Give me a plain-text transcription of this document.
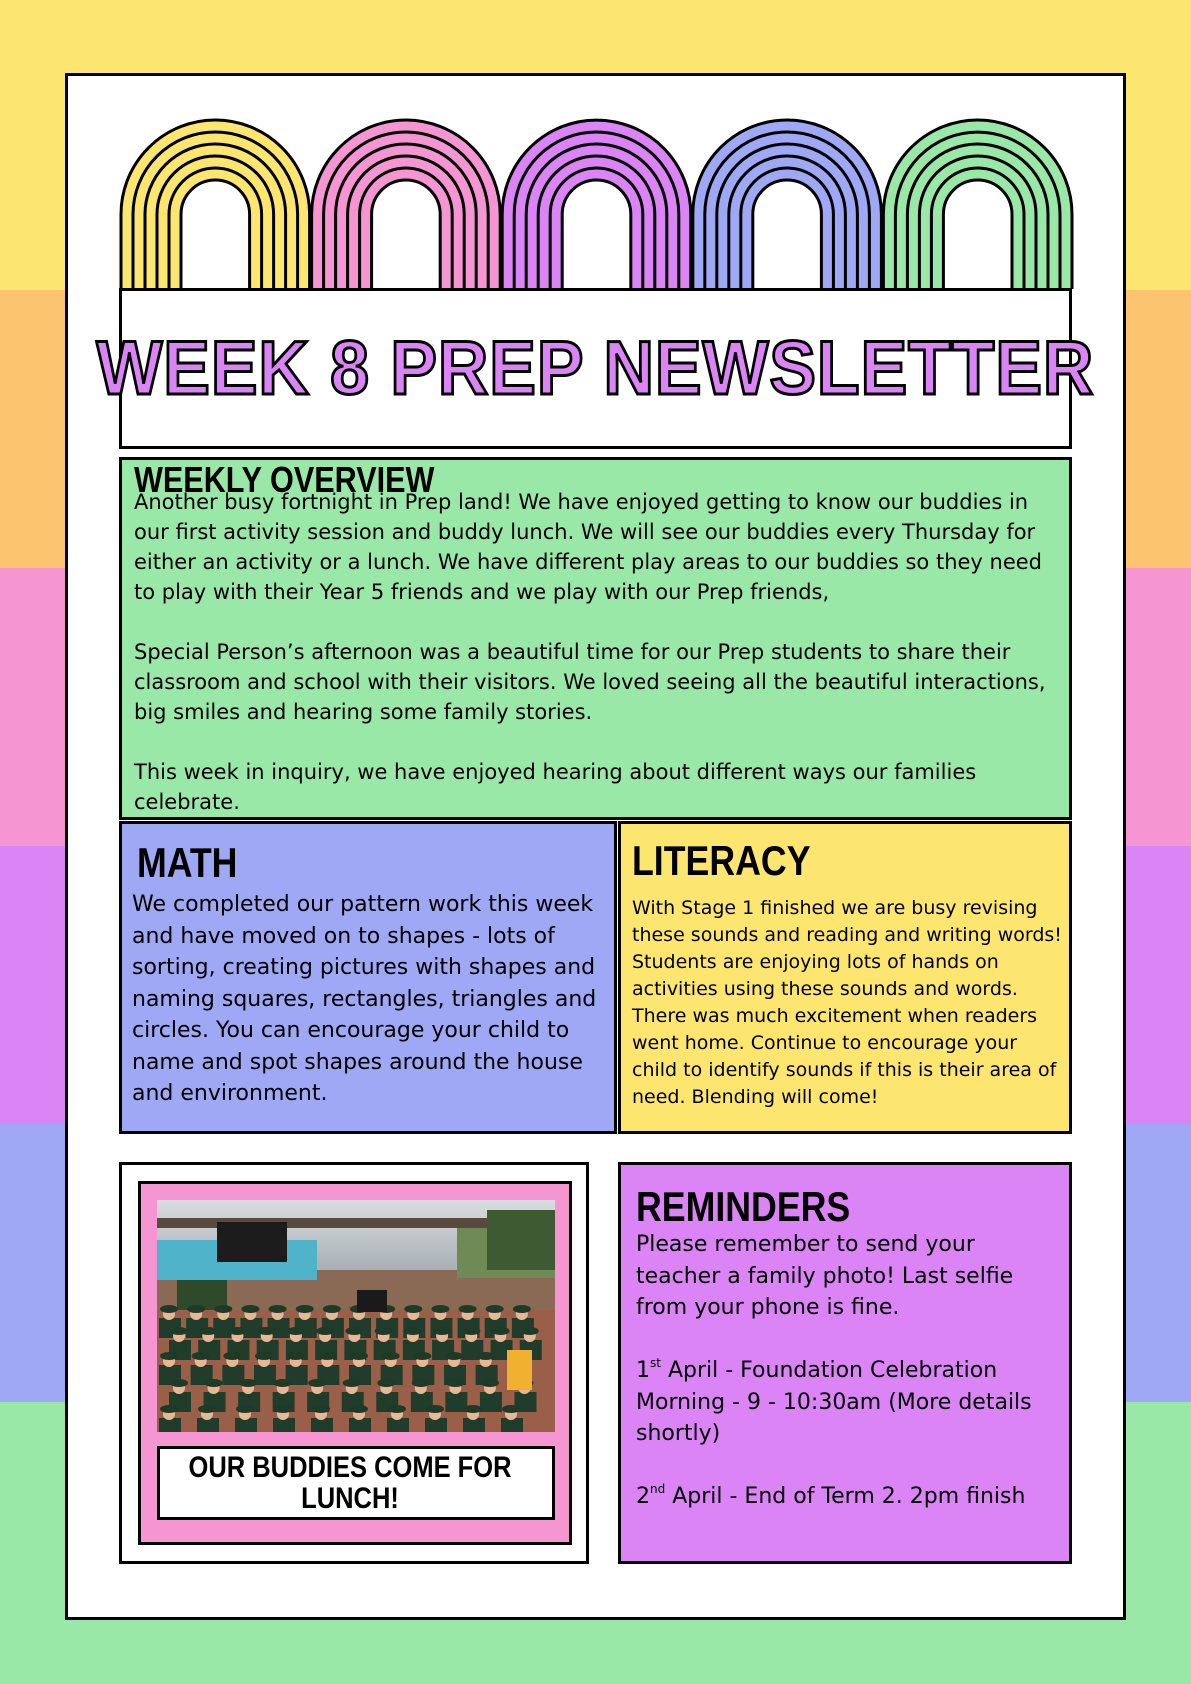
WEEK 8 PREP NEWSLETTER
WEEKLY OVERVIEW

Another busy fortnight in Prep land! We have enjoyed getting to know our buddies in our first activity session and buddy lunch. We will see our buddies every Thursday for either an activity or a lunch. We have different play areas to our buddies so they need to play with their Year 5 friends and we play with our Prep friends,

Special Person’s afternoon was a beautiful time for our Prep students to share their classroom and school with their visitors. We loved seeing all the beautiful interactions, big smiles and hearing some family stories.

This week in inquiry, we have enjoyed hearing about different ways our families celebrate.

MATH
We completed our pattern work this week and have moved on to shapes - lots of sorting, creating pictures with shapes and naming squares, rectangles, triangles and circles. You can encourage your child to name and spot shapes around the house and environment.
LITERACY
With Stage 1 finished we are busy revising these sounds and reading and writing words! Students are enjoying lots of hands on activities using these sounds and words. There was much excitement when readers went home. Continue to encourage your child to identify sounds if this is their area of need. Blending will come!
OUR BUDDIES COME FOR LUNCH!
REMINDERS

Please remember to send your teacher a family photo! Last selfie from your phone is fine.

1st April - Foundation Celebration Morning - 9 - 10:30am (More details shortly)

2nd April - End of Term 2. 2pm finish
